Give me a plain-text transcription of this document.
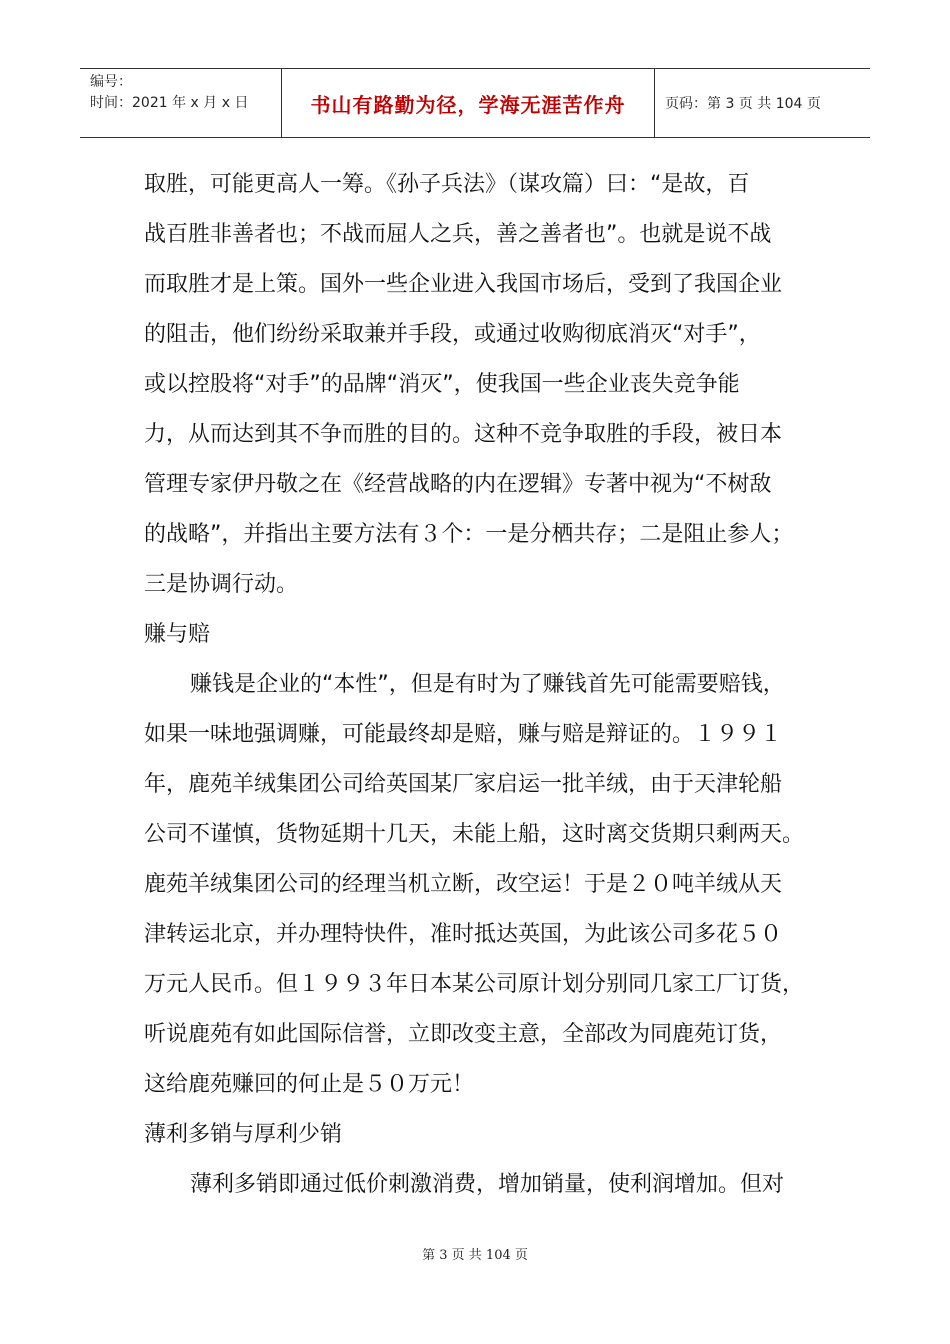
编号：
时间：2021 年 x 月 x 日	书山有路勤为径，学海无涯苦作舟	页码：第 3 页 共 104 页
取胜，可能更高人一筹。《孙子兵法》（谋攻篇）曰：“是故，百
战百胜非善者也；不战而屈人之兵，善之善者也”。也就是说不战
而取胜才是上策。国外一些企业进入我国市场后，受到了我国企业
的阻击，他们纷纷采取兼并手段，或通过收购彻底消灭“对手”，
或以控股将“对手”的品牌“消灭”，使我国一些企业丧失竞争能
力，从而达到其不争而胜的目的。这种不竞争取胜的手段，被日本
管理专家伊丹敬之在《经营战略的内在逻辑》专著中视为“不树敌
的战略”，并指出主要方法有３个：一是分栖共存；二是阻止参人；
三是协调行动。
赚与赔
赚钱是企业的“本性”，但是有时为了赚钱首先可能需要赔钱，
如果一味地强调赚，可能最终却是赔，赚与赔是辩证的。１９９１
年，鹿苑羊绒集团公司给英国某厂家启运一批羊绒，由于天津轮船
公司不谨慎，货物延期十几天，未能上船，这时离交货期只剩两天。
鹿苑羊绒集团公司的经理当机立断，改空运！于是２０吨羊绒从天
津转运北京，并办理特快件，准时抵达英国，为此该公司多花５０
万元人民币。但１９９３年日本某公司原计划分别同几家工厂订货，
听说鹿苑有如此国际信誉，立即改变主意，全部改为同鹿苑订货，
这给鹿苑赚回的何止是５０万元！
薄利多销与厚利少销
薄利多销即通过低价刺激消费，增加销量，使利润增加。但对
第 3 页 共 104 页
